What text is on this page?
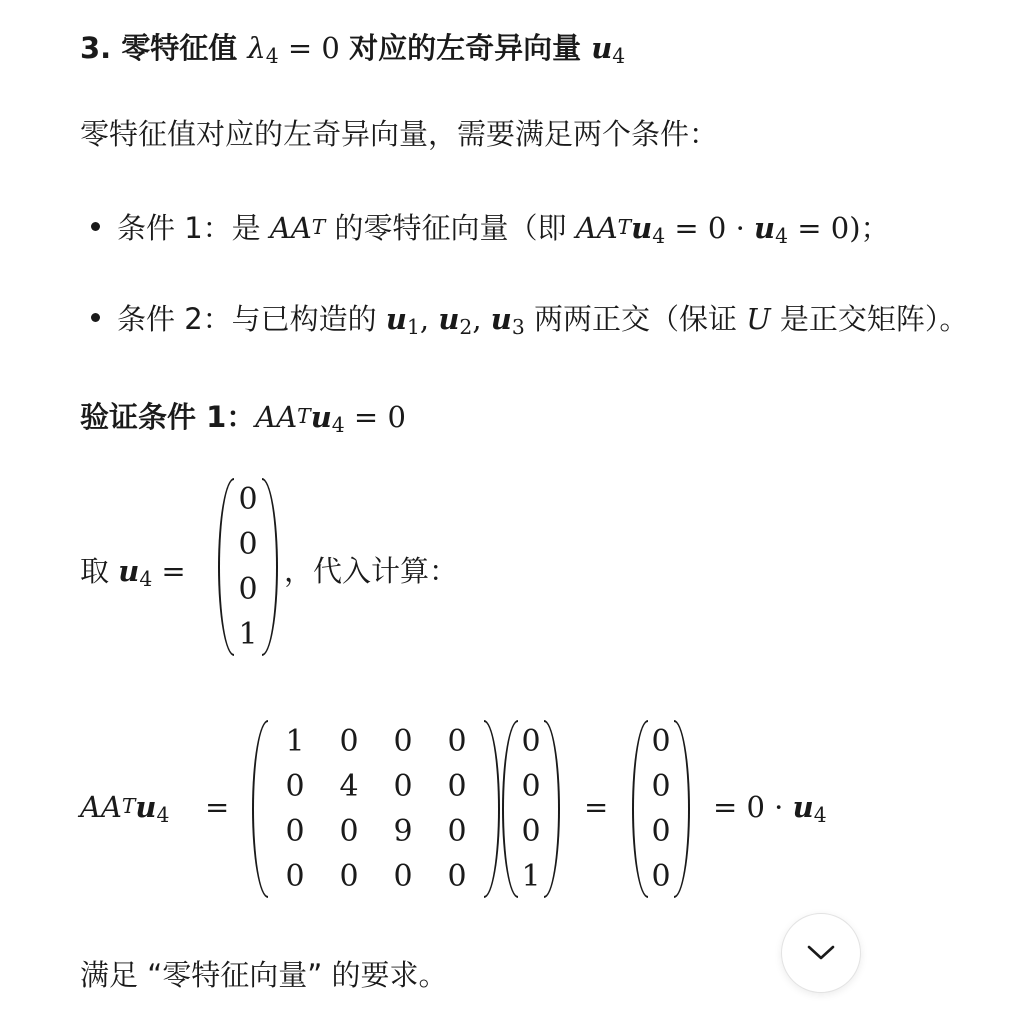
3. 零特征值 $\lambda_4 = 0$ 对应的左奇异向量 $u_4$
零特征值对应的左奇异向量，需要满足两个条件：
条件 1：是 $AA^T$ 的零特征向量（即 $AA^Tu_4 = 0 \cdot u_4 = 0$)；
条件 2：与已构造的 $u_1$, $u_2$, $u_3$ 两两正交（保证 U 是正交矩阵）。
验证条件 1：$AA^Tu_4 = 0$
取 $u_4$ =
0
0
0
1
，代入计算：
$AA^Tu_4$ =
1	0	0	0
0	4	0	0
0	0	9	0
0	0	0	0
0
0
0
1
=
0
0
0
0
= $0 \cdot u_4$
满足 “零特征向量” 的要求。
